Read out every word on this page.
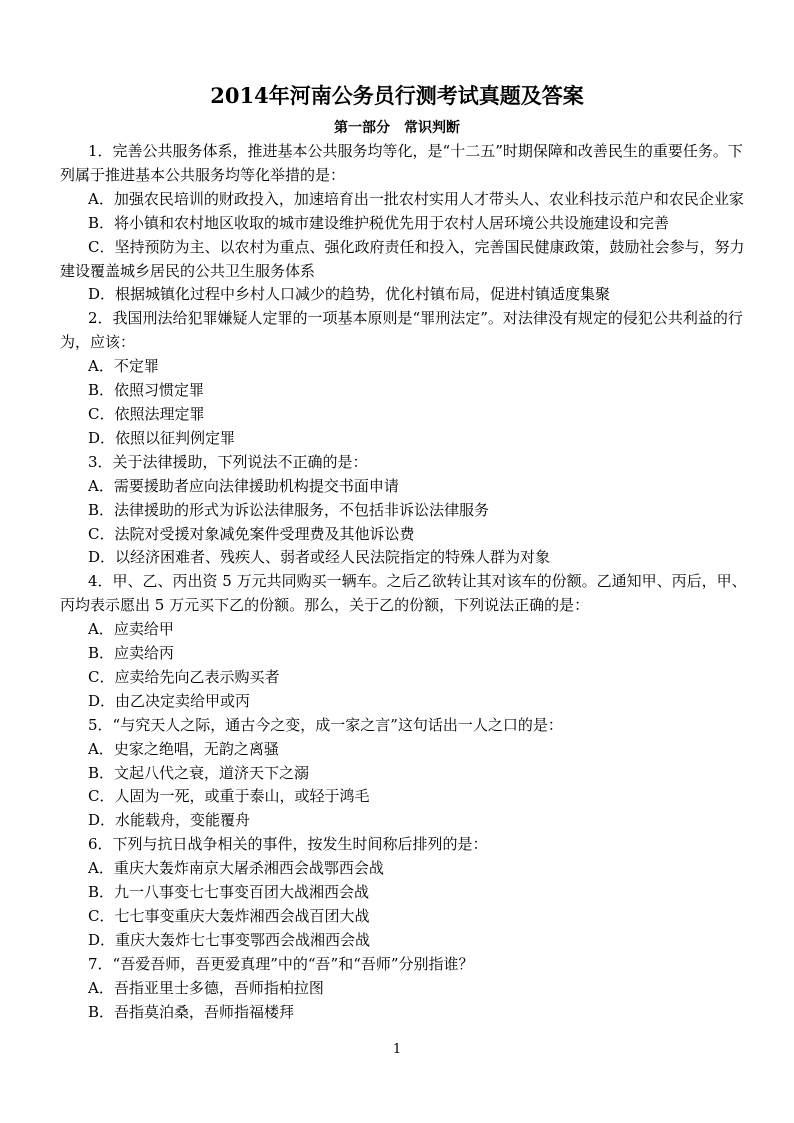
2014年河南公务员行测考试真题及答案
第一部分　常识判断

1．完善公共服务体系，推进基本公共服务均等化，是“十二五”时期保障和改善民生的重要任务。下列属于推进基本公共服务均等化举措的是：

A．加强农民培训的财政投入，加速培育出一批农村实用人才带头人、农业科技示范户和农民企业家

B．将小镇和农村地区收取的城市建设维护税优先用于农村人居环境公共设施建设和完善

C．坚持预防为主、以农村为重点、强化政府责任和投入，完善国民健康政策，鼓励社会参与，努力建设覆盖城乡居民的公共卫生服务体系

D．根据城镇化过程中乡村人口减少的趋势，优化村镇布局，促进村镇适度集聚

2．我国刑法给犯罪嫌疑人定罪的一项基本原则是“罪刑法定”。对法律没有规定的侵犯公共利益的行为，应该：

A．不定罪

B．依照习惯定罪

C．依照法理定罪

D．依照以征判例定罪

3．关于法律援助，下列说法不正确的是：

A．需要援助者应向法律援助机构提交书面申请

B．法律援助的形式为诉讼法律服务，不包括非诉讼法律服务

C．法院对受援对象减免案件受理费及其他诉讼费

D．以经济困难者、残疾人、弱者或经人民法院指定的特殊人群为对象

4．甲、乙、丙出资 5 万元共同购买一辆车。之后乙欲转让其对该车的份额。乙通知甲、丙后，甲、丙均表示愿出 5 万元买下乙的份额。那么，关于乙的份额，下列说法正确的是：

A．应卖给甲

B．应卖给丙

C．应卖给先向乙表示购买者

D．由乙决定卖给甲或丙

5．“与究天人之际，通古今之变，成一家之言”这句话出一人之口的是：

A．史家之绝唱，无韵之离骚

B．文起八代之衰，道济天下之溺

C．人固为一死，或重于泰山，或轻于鸿毛

D．水能载舟，变能覆舟

6．下列与抗日战争相关的事件，按发生时间称后排列的是：

A．重庆大轰炸南京大屠杀湘西会战鄂西会战

B．九一八事变七七事变百团大战湘西会战

C．七七事变重庆大轰炸湘西会战百团大战

D．重庆大轰炸七七事变鄂西会战湘西会战

7．“吾爱吾师，吾更爱真理”中的“吾”和“吾师”分别指谁？

A．吾指亚里士多德，吾师指柏拉图

B．吾指莫泊桑，吾师指福楼拜

1
